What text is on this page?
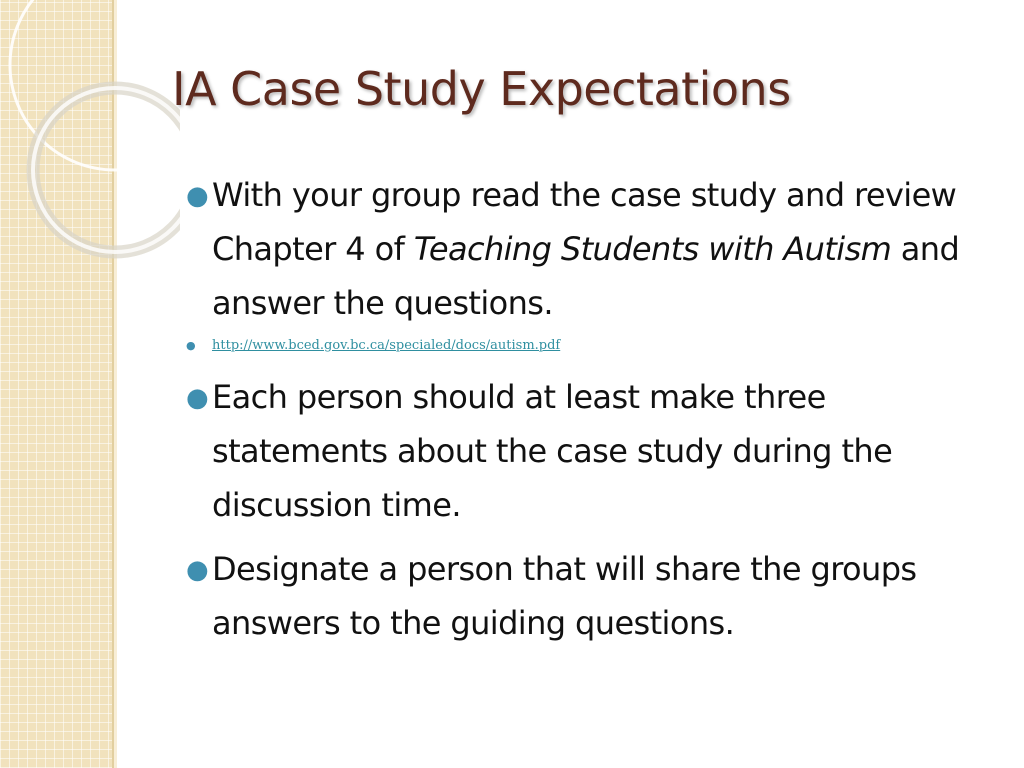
IA Case Study Expectations
● With your group read the case study and review Chapter 4 of Teaching Students with Autism and answer the questions.
● http://www.bced.gov.bc.ca/specialed/docs/autism.pdf
● Each person should at least make three statements about the case study during the discussion time.
● Designate a person that will share the groups answers to the guiding questions.
